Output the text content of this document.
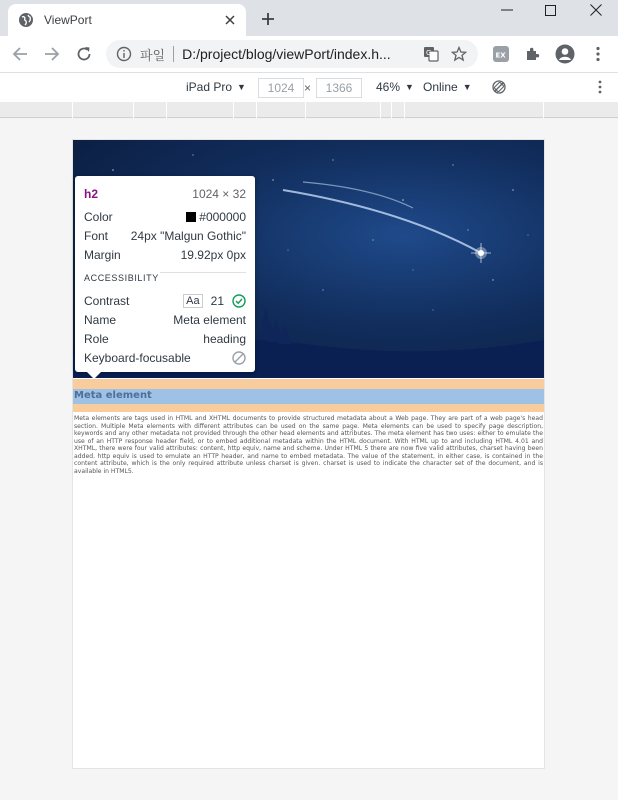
ViewPort
파일 D:/project/blog/viewPort/index.h...	G	EX
iPad Pro ▼	1024 ×	1366	46% ▼ Online ▼
Meta element

Meta elements are tags used in HTML and XHTML documents to provide structured metadata about a Web page. They are part of a web page's head section. Multiple Meta elements with different attributes can be used on the same page. Meta elements can be used to specify page description, keywords and any other metadata not provided through the other head elements and attributes. The meta element has two uses: either to emulate the use of an HTTP response header field, or to embed additional metadata within the HTML document. With HTML up to and including HTML 4.01 and XHTML, there were four valid attributes: content, http equiv, name and scheme. Under HTML 5 there are now five valid attributes, charset having been added. http equiv is used to emulate an HTTP header, and name to embed metadata. The value of the statement, in either case, is contained in the content attribute, which is the only required attribute unless charset is given. charset is used to indicate the character set of the document, and is available in HTML5.

h2	1024 × 32
Color	#000000
Font 24px "Malgun Gothic"
Margin	19.92px 0px
ACCESSIBILITY
Contrast	Aa 21
Name	Meta element
Role	heading
Keyboard-focusable
